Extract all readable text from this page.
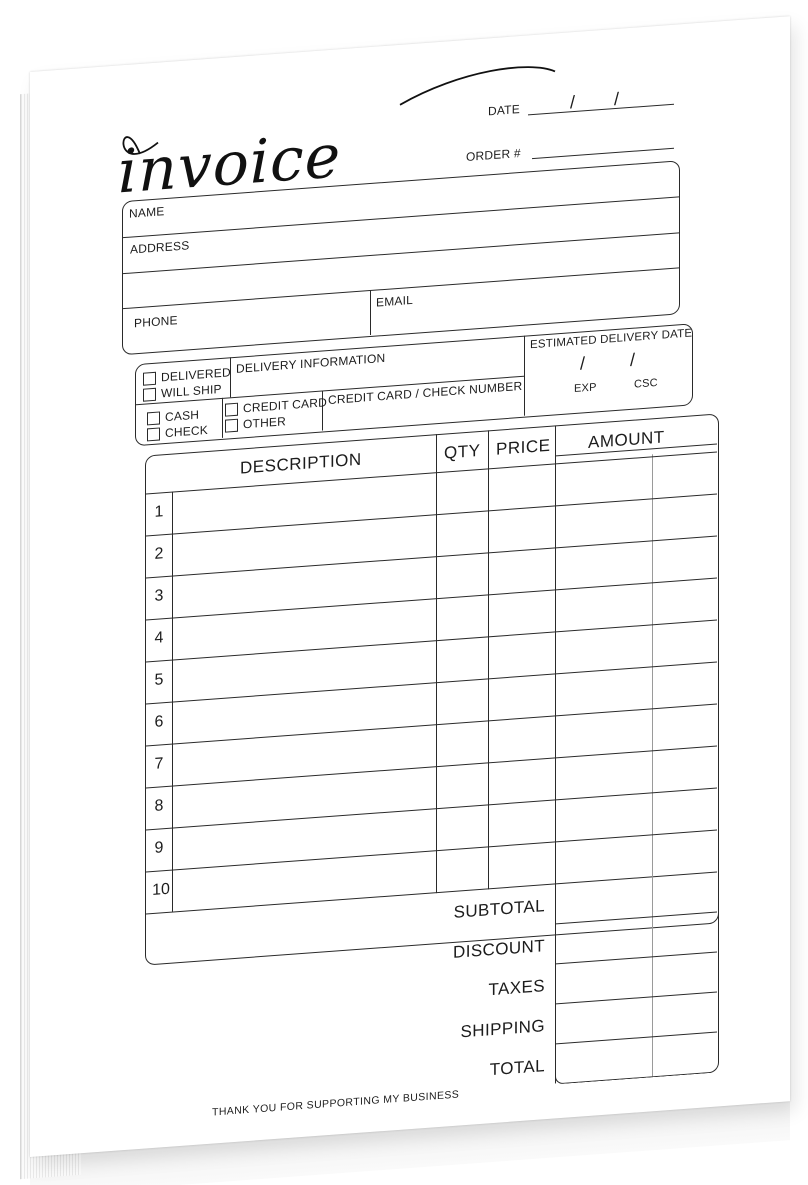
invoice
DATE	/ /
ORDER #
NAME
ADDRESS
PHONE
EMAIL
DELIVERED
WILL SHIP
DELIVERY INFORMATION
ESTIMATED DELIVERY DATE
/ /
EXP	CSC
CASH
CHECK
CREDIT CARD
OTHER
CREDIT CARD / CHECK NUMBER
DESCRIPTION	QTY PRICE AMOUNT
1
2
3
4
5
6
7
8
9
10
SUBTOTAL
DISCOUNT
TAXES
SHIPPING
TOTAL
THANK YOU FOR SUPPORTING MY BUSINESS
